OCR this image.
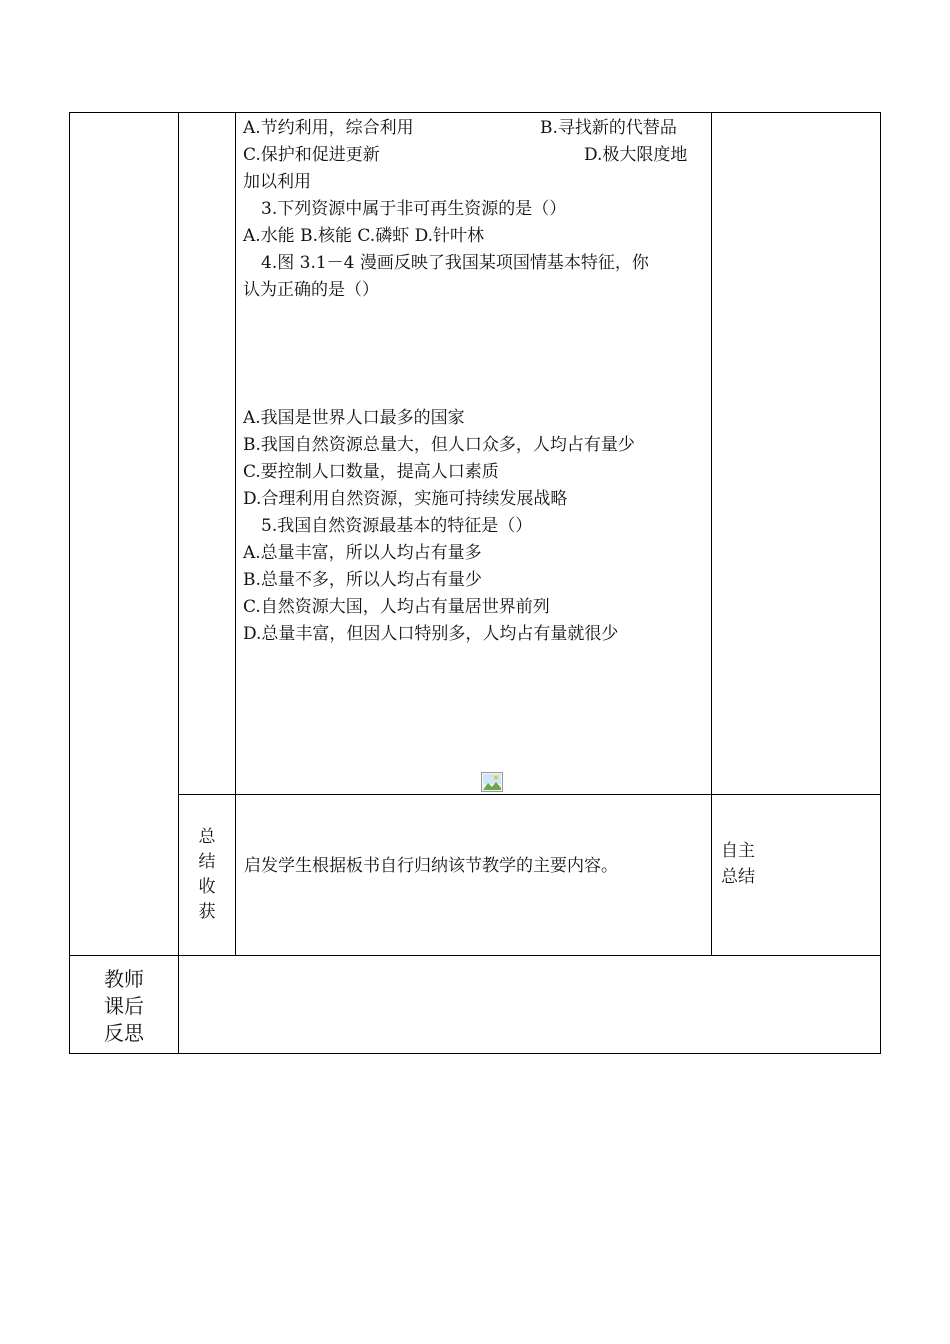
B.寻找新的代替品
D.极大限度地
A.节约利用，综合利用
C.保护和促进更新
加以利用
3.下列资源中属于非可再生资源的是（）
A.水能 B.核能 C.磷虾 D.针叶林
4.图 3.1－4 漫画反映了我国某项国情基本特征，你
认为正确的是（）
A.我国是世界人口最多的国家
B.我国自然资源总量大，但人口众多，人均占有量少
C.要控制人口数量，提高人口素质
D.合理利用自然资源，实施可持续发展战略
5.我国自然资源最基本的特征是（）
A.总量丰富，所以人均占有量多
B.总量不多，所以人均占有量少
C.自然资源大国，人均占有量居世界前列
D.总量丰富，但因人口特别多，人均占有量就很少
总
结
收
获
启发学生根据板书自行归纳该节教学的主要内容。
自主
总结
教师
课后
反思
